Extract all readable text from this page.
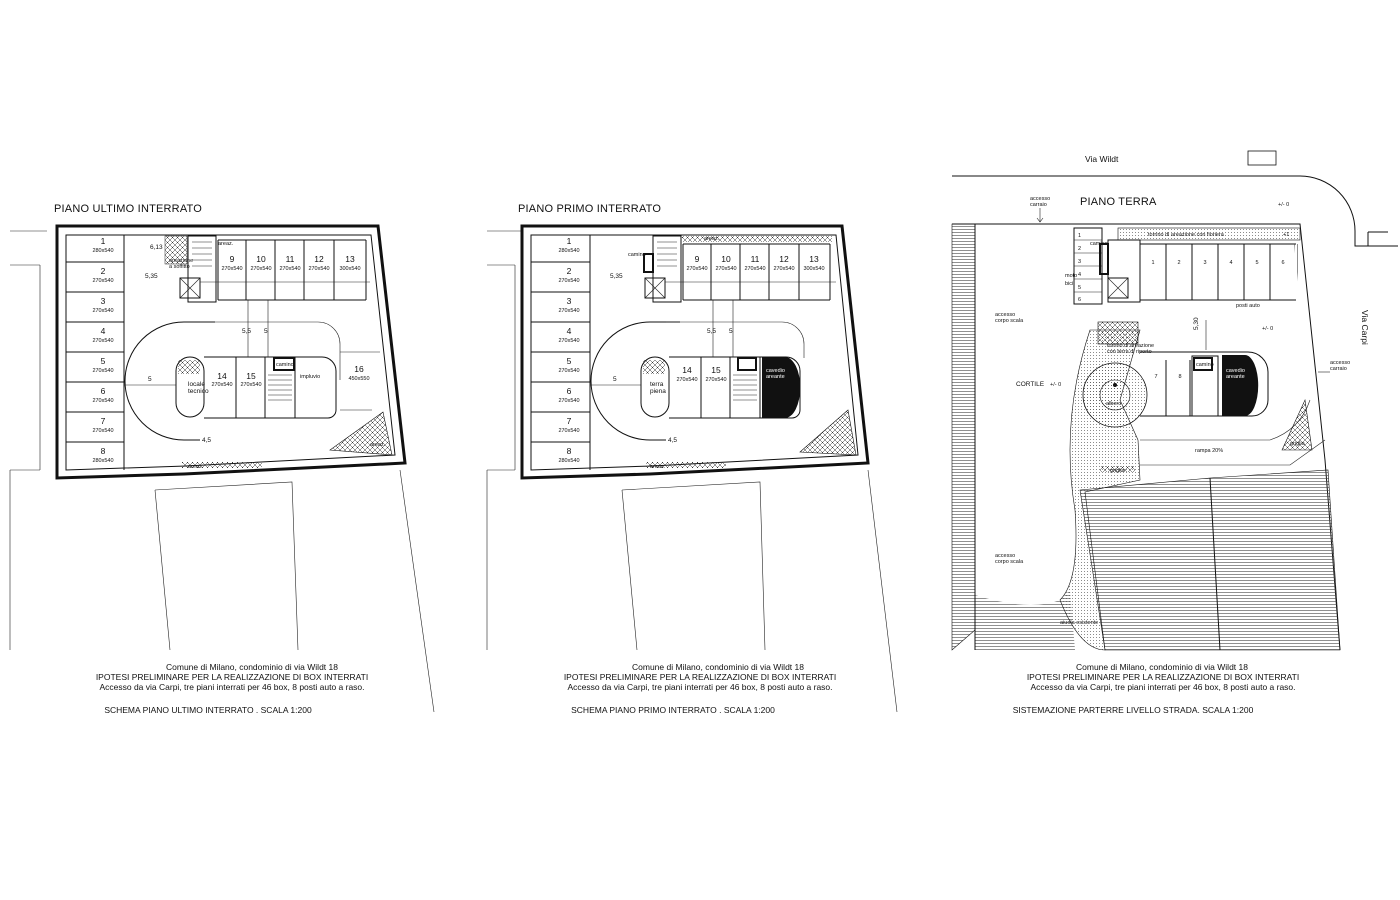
PIANO ULTIMO INTERRATO
1
280x540
2
270x540
3
270x540
4
270x540
5
270x540
6
270x540
7
270x540
8
280x540
9
270x540
10
270x540
11
270x540
12
270x540
13
300x540
locale
tecnico
14
270x540
15
270x540
camino
impluvio
16
450x550
6,13
5,35
5,5 5
5
4,5
areaz.
areazione
a soffitto
areaz.
areaz.
Comune di Milano, condominio di via Wildt 18
IPOTESI PRELIMINARE PER LA REALIZZAZIONE DI BOX INTERRATI
Accesso da via Carpi, tre piani interrati per 46 box, 8 posti auto a raso.
SCHEMA PIANO ULTIMO INTERRATO . SCALA 1:200
PIANO PRIMO INTERRATO
1
280x540
2
270x540
3
270x540
4
270x540
5
270x540
6
270x540
7
270x540
8
280x540
9
270x540
10
270x540
11
270x540
12
270x540
13
300x540
camino
areaz.
cavedio
areante
terra
piena
14
270x540
15
270x540
5,35
5,5 5
5
4,5
areaz.
Comune di Milano, condominio di via Wildt 18
IPOTESI PRELIMINARE PER LA REALIZZAZIONE DI BOX INTERRATI
Accesso da via Carpi, tre piani interrati per 46 box, 8 posti auto a raso.
SCHEMA PIANO PRIMO INTERRATO . SCALA 1:200
Via Wildt
Via Carpi
torrino di areazione con fioriera	+1
1
2
3
4
5
6
camino
moto
bici
1	2	3	4	5	6
posti auto
7	8
camino
cavedio
areante
5,30
PIANO TERRA	+/- 0
accesso
carraio
accesso
carraio
accesso
corpo scala
accesso
corpo scala
CORTILE +/- 0
+/- 0
torrino di areazione
con terra di riporto
albero
rampa 20%
griglia
griglia
aiuola esistente
Comune di Milano, condominio di via Wildt 18
IPOTESI PRELIMINARE PER LA REALIZZAZIONE DI BOX INTERRATI
Accesso da via Carpi, tre piani interrati per 46 box, 8 posti auto a raso.
SISTEMAZIONE PARTERRE LIVELLO STRADA. SCALA 1:200
